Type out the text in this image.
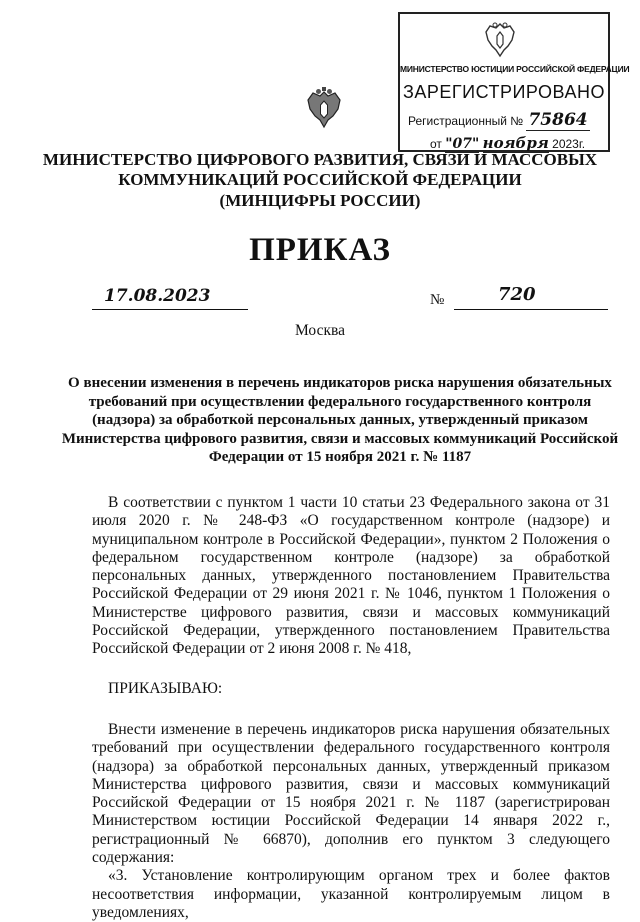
МИНИСТЕРСТВО ЮСТИЦИИ РОССИЙСКОЙ ФЕДЕРАЦИИ
ЗАРЕГИСТРИРОВАНО
Регистрационный № 75864
от "07" ноября 2023г.
МИНИСТЕРСТВО ЦИФРОВОГО РАЗВИТИЯ, СВЯЗИ И МАССОВЫХ
КОММУНИКАЦИЙ РОССИЙСКОЙ ФЕДЕРАЦИИ
(МИНЦИФРЫ РОССИИ)
ПРИКАЗ
17.08.2023	№	720
Москва
О внесении изменения в перечень индикаторов риска нарушения обязательных требований при осуществлении федерального государственного контроля (надзора) за обработкой персональных данных, утвержденный приказом Министерства цифрового развития, связи и массовых коммуникаций Российской Федерации от 15 ноября 2021 г. № 1187

В соответствии с пунктом 1 части 10 статьи 23 Федерального закона от 31 июля 2020 г. № 248-ФЗ «О государственном контроле (надзоре) и муниципальном контроле в Российской Федерации», пунктом 2 Положения о федеральном государственном контроле (надзоре) за обработкой персональных данных, утвержденного постановлением Правительства Российской Федерации от 29 июня 2021 г. № 1046, пунктом 1 Положения о Министерстве цифрового развития, связи и массовых коммуникаций Российской Федерации, утвержденного постановлением Правительства Российской Федерации от 2 июня 2008 г. № 418,

ПРИКАЗЫВАЮ:

Внести изменение в перечень индикаторов риска нарушения обязательных требований при осуществлении федерального государственного контроля (надзора) за обработкой персональных данных, утвержденный приказом Министерства цифрового развития, связи и массовых коммуникаций Российской Федерации от 15 ноября 2021 г. № 1187 (зарегистрирован Министерством юстиции Российской Федерации 14 января 2022 г., регистрационный № 66870), дополнив его пунктом 3 следующего содержания:

«3. Установление контролирующим органом трех и более фактов несоответствия информации, указанной контролируемым лицом в уведомлениях,
